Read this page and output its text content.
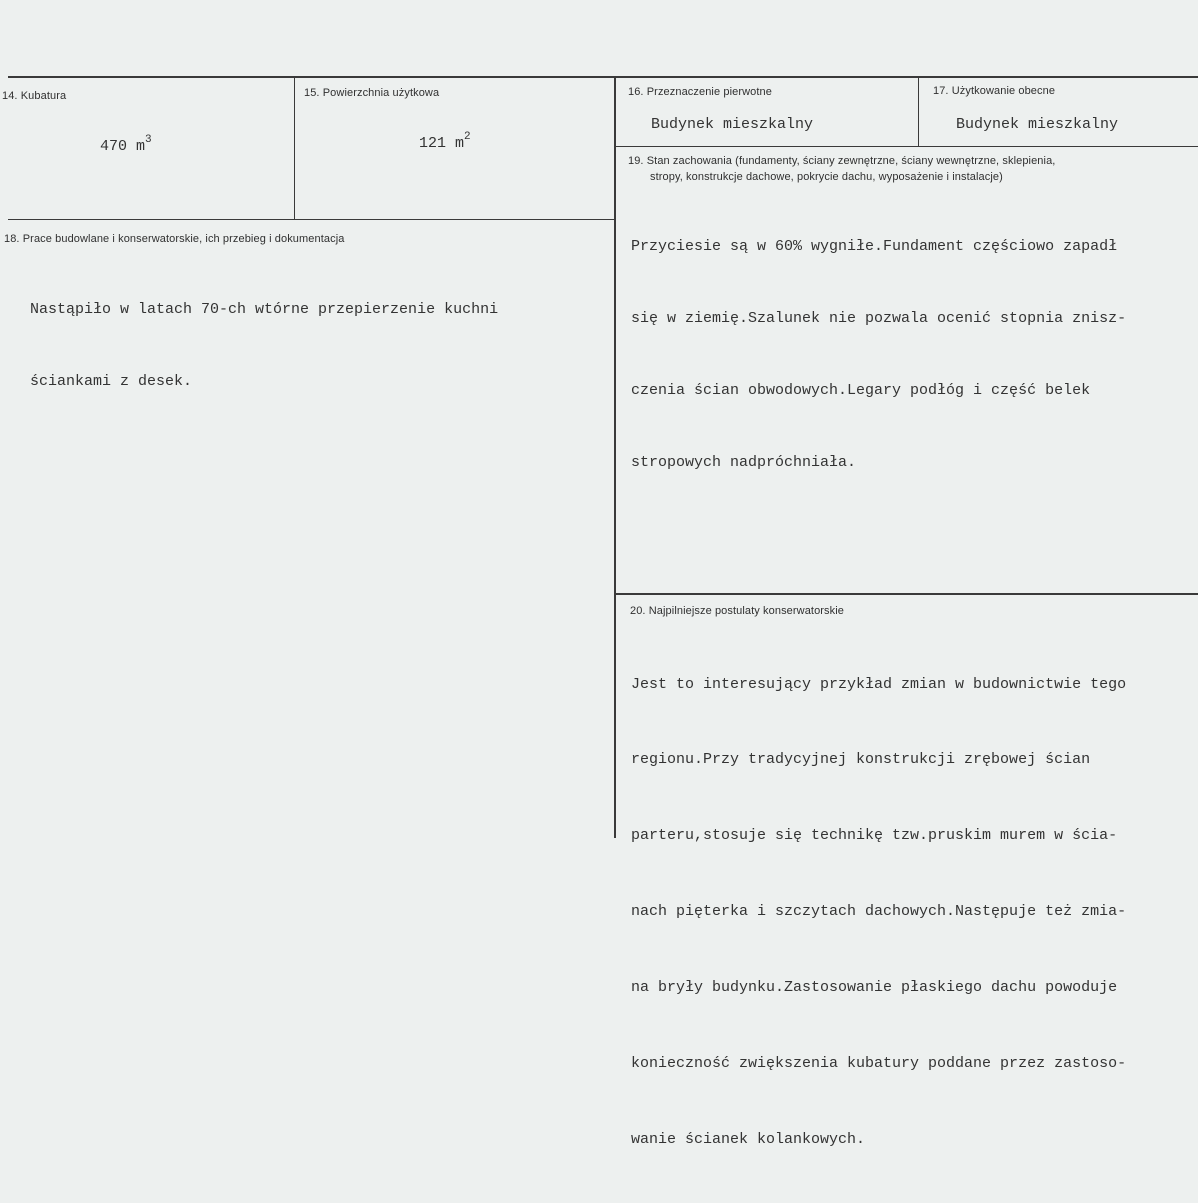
14. Kubatura
470 $m^3$
15. Powierzchnia użytkowa
121 $m^2$
16. Przeznaczenie pierwotne
Budynek mieszkalny
17. Użytkowanie obecne
Budynek mieszkalny
19. Stan zachowania (fundamenty, ściany zewnętrzne, ściany wewnętrzne, sklepienia,
stropy, konstrukcje dachowe, pokrycie dachu, wyposażenie i instalacje)

Przyciesie są w 60% wygniłe.Fundament częściowo zapadł

się w ziemię.Szalunek nie pozwala ocenić stopnia znisz-

czenia ścian obwodowych.Legary podłóg i część belek

stropowych nadpróchniała.

18. Prace budowlane i konserwatorskie, ich przebieg i dokumentacja

Nastąpiło w latach 70-ch wtórne przepierzenie kuchni

ściankami z desek.

20. Najpilniejsze postulaty konserwatorskie

Jest to interesujący przykład zmian w budownictwie tego

regionu.Przy tradycyjnej konstrukcji zrębowej ścian

parteru,stosuje się technikę tzw.pruskim murem w ścia-

nach pięterka i szczytach dachowych.Następuje też zmia-

na bryły budynku.Zastosowanie płaskiego dachu powoduje

konieczność zwiększenia kubatury poddane przez zastoso-

wanie ścianek kolankowych.
